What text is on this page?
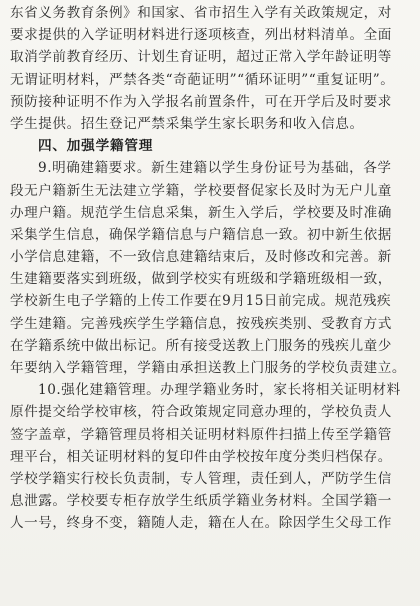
东省义务教育条例》和国家、省市招生入学有关政策规定，对
要求提供的入学证明材料进行逐项核查，列出材料清单。全面
取消学前教育经历、计划生育证明，超过正常入学年龄证明等
无谓证明材料，严禁各类“奇葩证明”“循环证明”“重复证明”。
预防接种证明不作为入学报名前置条件，可在开学后及时要求
学生提供。招生登记严禁采集学生家长职务和收入信息。
四、加强学籍管理
9.明确建籍要求。新生建籍以学生身份证号为基础，各学
段无户籍新生无法建立学籍，学校要督促家长及时为无户儿童
办理户籍。规范学生信息采集，新生入学后，学校要及时准确
采集学生信息，确保学籍信息与户籍信息一致。初中新生依据
小学信息建籍，不一致信息建籍结束后，及时修改和完善。新
生建籍要落实到班级，做到学校实有班级和学籍班级相一致，
学校新生电子学籍的上传工作要在9月15日前完成。规范残疾
学生建籍。完善残疾学生学籍信息，按残疾类别、受教育方式
在学籍系统中做出标记。所有接受送教上门服务的残疾儿童少
年要纳入学籍管理，学籍由承担送教上门服务的学校负责建立。
10.强化建籍管理。办理学籍业务时，家长将相关证明材料
原件提交给学校审核，符合政策规定同意办理的，学校负责人
签字盖章，学籍管理员将相关证明材料原件扫描上传至学籍管
理平台，相关证明材料的复印件由学校按年度分类归档保存。
学校学籍实行校长负责制，专人管理，责任到人，严防学生信
息泄露。学校要专柜存放学生纸质学籍业务材料。全国学籍一
人一号，终身不变，籍随人走，籍在人在。除因学生父母工作
